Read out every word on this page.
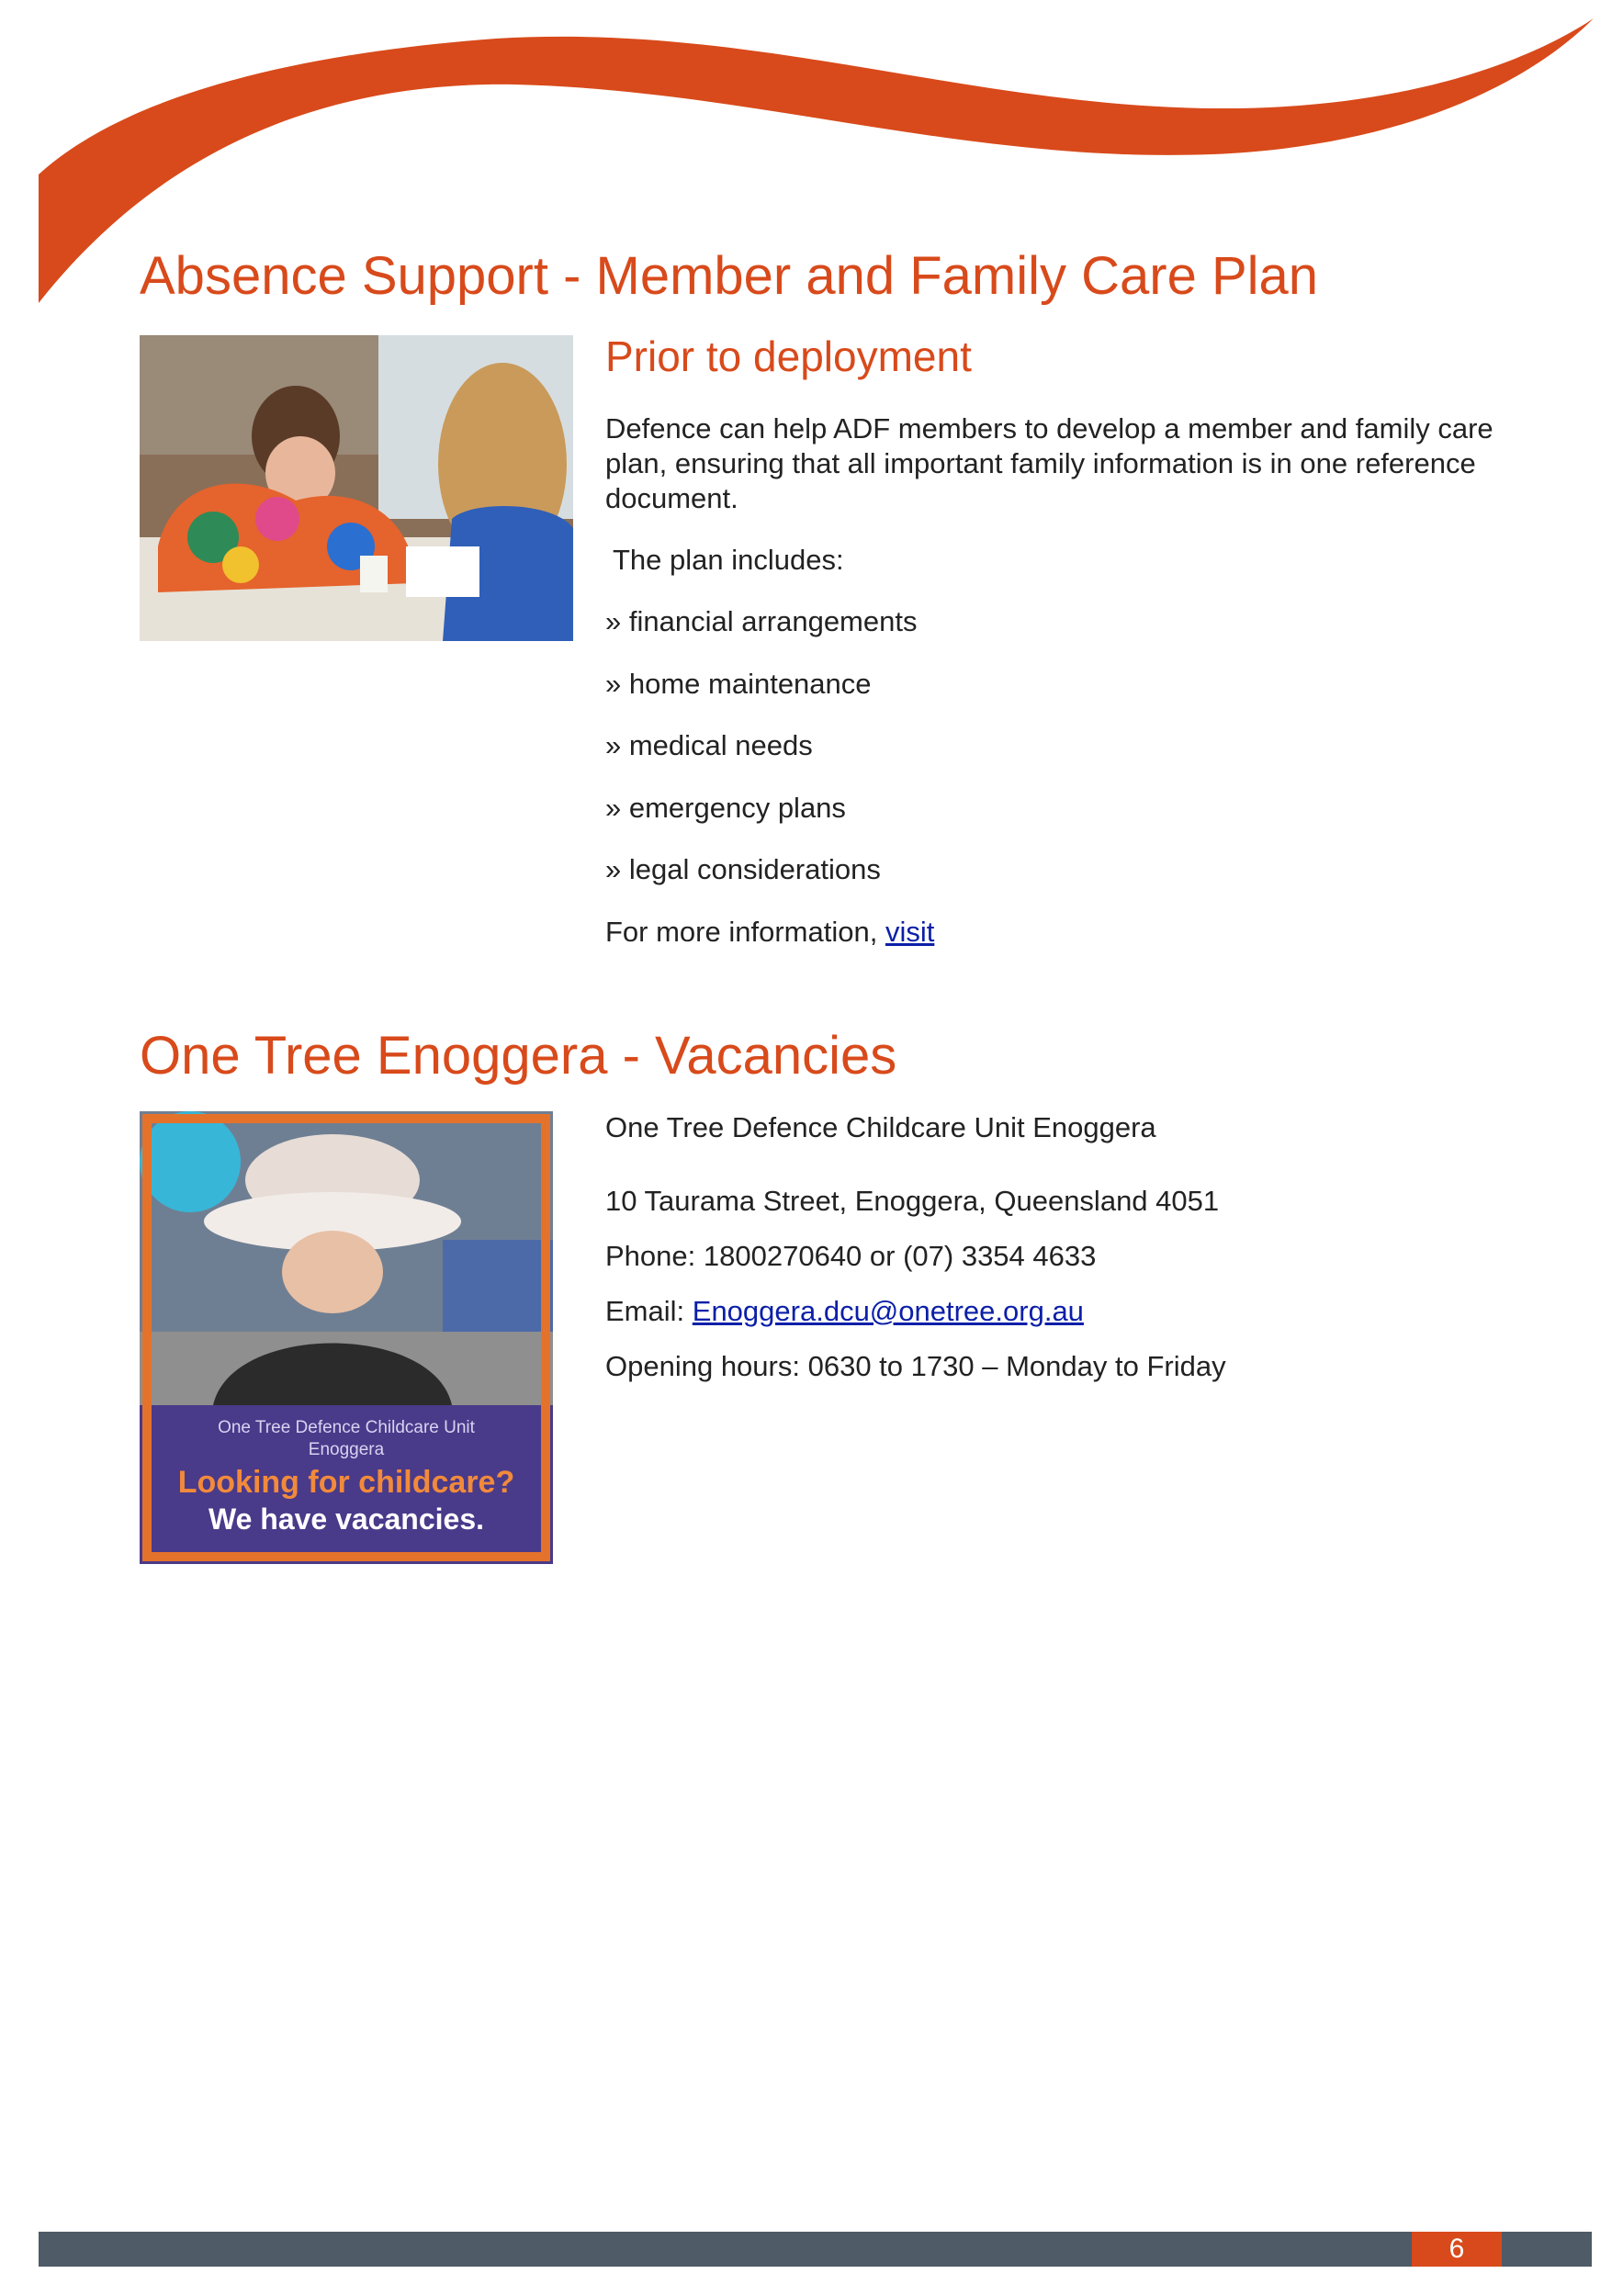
Absence Support - Member and Family Care Plan
Prior to deployment
Defence can help ADF members to develop a member and family care plan, ensuring that all important family information is in one reference document.
The plan includes:
» financial arrangements
» home maintenance
» medical needs
» emergency plans
» legal considerations
For more information, visit
One Tree Enoggera - Vacancies
One Tree Defence Childcare Unit
Enoggera
Looking for childcare?
We have vacancies.
One Tree Defence Childcare Unit Enoggera
10 Taurama Street, Enoggera, Queensland 4051
Phone: 1800270640 or (07) 3354 4633
Email: Enoggera.dcu@onetree.org.au
Opening hours: 0630 to 1730 – Monday to Friday
6
